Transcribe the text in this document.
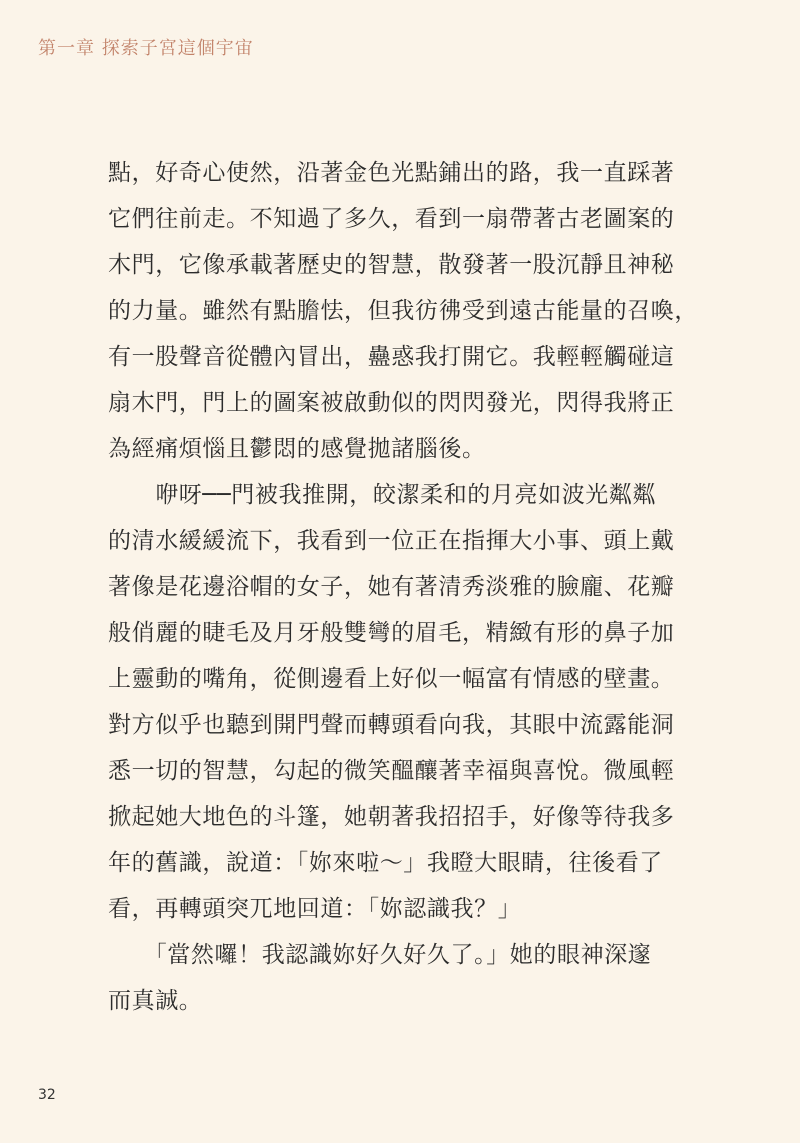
第一章 探索子宮這個宇宙
點，好奇心使然，沿著金色光點鋪出的路，我一直踩著
它們往前走。不知過了多久，看到一扇帶著古老圖案的
木門，它像承載著歷史的智慧，散發著一股沉靜且神秘
的力量。雖然有點膽怯，但我彷彿受到遠古能量的召喚，
有一股聲音從體內冒出，蠱惑我打開它。我輕輕觸碰這
扇木門，門上的圖案被啟動似的閃閃發光，閃得我將正
為經痛煩惱且鬱悶的感覺拋諸腦後。
　　咿呀──門被我推開，皎潔柔和的月亮如波光粼粼
的清水緩緩流下，我看到一位正在指揮大小事、頭上戴
著像是花邊浴帽的女子，她有著清秀淡雅的臉龐、花瓣
般俏麗的睫毛及月牙般雙彎的眉毛，精緻有形的鼻子加
上靈動的嘴角，從側邊看上好似一幅富有情感的壁畫。
對方似乎也聽到開門聲而轉頭看向我，其眼中流露能洞
悉一切的智慧，勾起的微笑醞釀著幸福與喜悅。微風輕
掀起她大地色的斗篷，她朝著我招招手，好像等待我多
年的舊識，說道：「妳來啦～」我瞪大眼睛，往後看了
看，再轉頭突兀地回道：「妳認識我？」
　　「當然囉！我認識妳好久好久了。」她的眼神深邃
而真誠。
32
